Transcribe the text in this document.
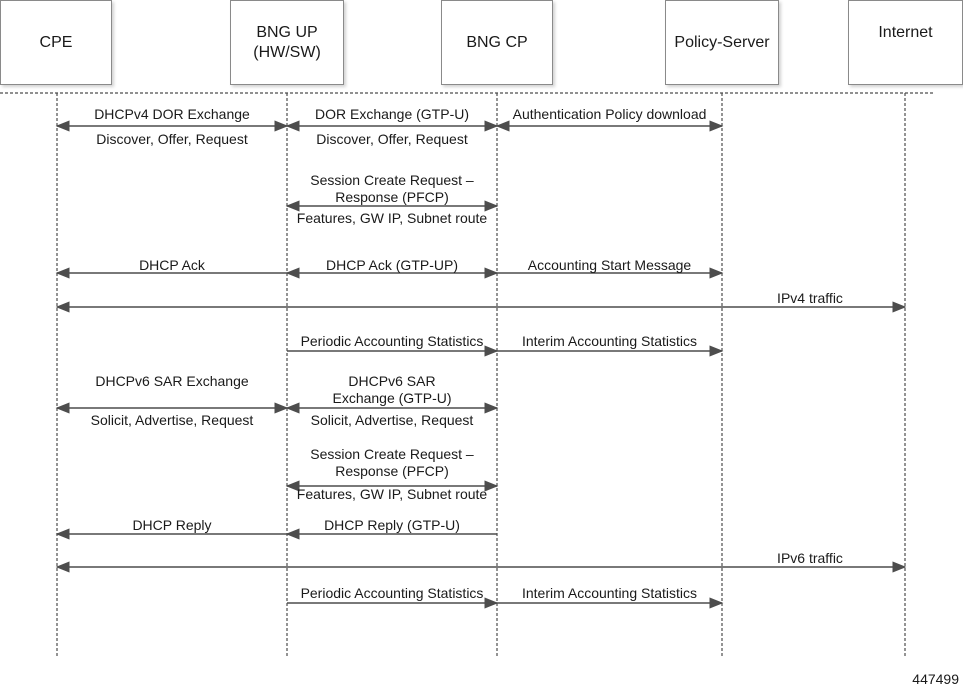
DHCPv4 DOR Exchange
Discover, Offer, Request
DOR Exchange (GTP-U)
Discover, Offer, Request
Authentication Policy download
Session Create Request –
Response (PFCP)
Features, GW IP, Subnet route
DHCP Ack	DHCP Ack (GTP-UP)	Accounting Start Message
IPv4 traffic
Periodic Accounting Statistics	Interim Accounting Statistics
DHCPv6 SAR Exchange
Solicit, Advertise, Request
DHCPv6 SAR
Exchange (GTP-U)
Solicit, Advertise, Request
Session Create Request –
Response (PFCP)
Features, GW IP, Subnet route
DHCP Reply	DHCP Reply (GTP-U)
IPv6 traffic
Periodic Accounting Statistics	Interim Accounting Statistics
CPE
BNG UP
(HW/SW)
BNG CP	Policy-Server
Internet
447499
